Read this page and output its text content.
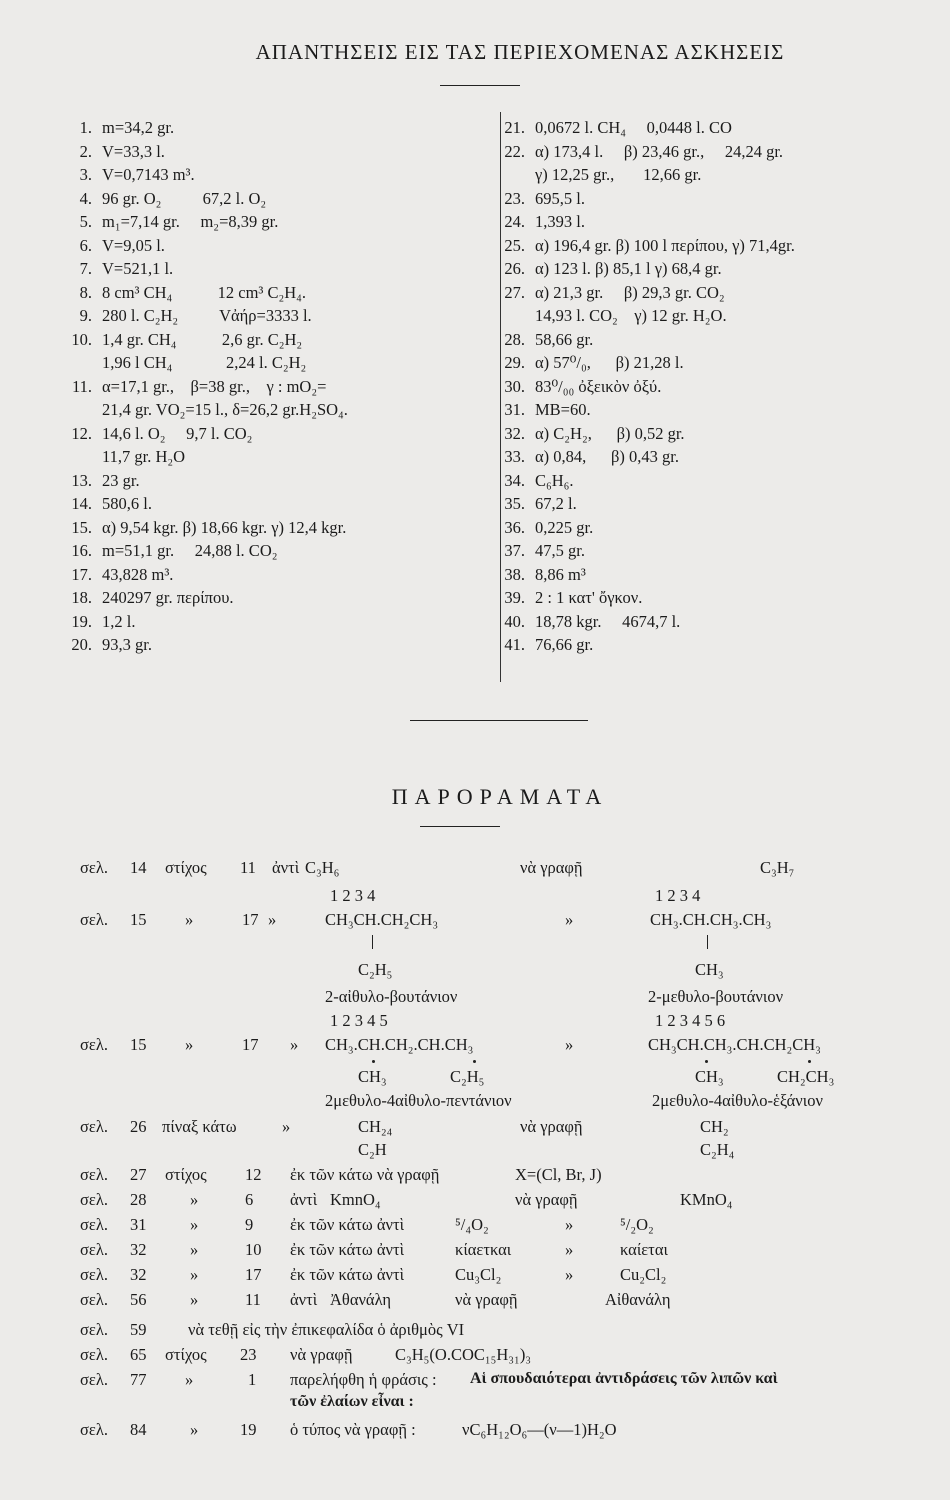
ΑΠΑΝΤΗΣΕΙΣ ΕΙΣ ΤΑΣ ΠΕΡΙΕΧΟΜΕΝΑΣ ΑΣΚΗΣΕΙΣ
1. m=34,2 gr.
2. V=33,3 l.
3. V=0,7143 m³.
4. 96 gr. O₂          67,2 l. O₂
5. m₁=7,14 gr.     m₂=8,39 gr.
6. V=9,05 l.
7. V=521,1 l.
8. 8 cm³ CH₄           12 cm³ C₂H₄.
9. 280 l. C₂H₂          Vἀήρ=3333 l.
10. 1,4 gr. CH₄           2,6 gr. C₂H₂
1,96 l CH₄             2,24 l. C₂H₂
11. α=17,1 gr.,    β=38 gr.,    γ : mO₂=
21,4 gr. VO₂=15 l., δ=26,2 gr.H₂SO₄.
12. 14,6 l. O₂     9,7 l. CO₂
11,7 gr. H₂O
13. 23 gr.
14. 580,6 l.
15. α) 9,54 kgr. β) 18,66 kgr. γ) 12,4 kgr.
16. m=51,1 gr.     24,88 l. CO₂
17. 43,828 m³.
18. 240297 gr. περίπου.
19. 1,2 l.
20. 93,3 gr.
21. 0,0672 l. CH₄     0,0448 l. CO
22. α) 173,4 l.     β) 23,46 gr.,     24,24 gr.
γ) 12,25 gr.,       12,66 gr.
23. 695,5 l.
24. 1,393 l.
25. α) 196,4 gr. β) 100 l περίπου, γ) 71,4gr.
26. α) 123 l. β) 85,1 l γ) 68,4 gr.
27. α) 21,3 gr.     β) 29,3 gr. CO₂
14,93 l. CO₂    γ) 12 gr. H₂O.
28. 58,66 gr.
29. α) 57⁰/₀,      β) 21,28 l.
30. 83⁰/₀₀ ὀξεικὸν ὀξύ.
31. MB=60.
32. α) C₂H₂,      β) 0,52 gr.
33. α) 0,84,      β) 0,43 gr.
34. C₆H₆.
35. 67,2 l.
36. 0,225 gr.
37. 47,5 gr.
38. 8,86 m³
39. 2 : 1 κατ' ὄγκον.
40. 18,78 kgr.     4674,7 l.
41. 76,66 gr.
ΠΑΡΟΡΑΜΑΤΑ
σελ. 14 στίχος 11 ἀντὶ C₃H₆	νὰ γραφῇ	C₃H₇
1 2 3 4	1 2 3 4
σελ. 15 »	17 »	CH₃CH.CH₂CH₃	»	CH₃.CH.CH₃.CH₃
C₂H₅	CH₃
2-αἰθυλο-βουτάνιον	2-μεθυλο-βουτάνιον
1 2 3 4 5	1 2 3 4 5 6
σελ. 15 »	17 » CH₃.CH.CH₂.CH.CH₃	»	CH₃CH.CH₃.CH.CH₂CH₃
CH₃	C₂H₅	CH₃	CH₂CH₃
2μεθυλο-4αἰθυλο-πεντάνιον	2μεθυλο-4αἰθυλο-ἑξάνιον
σελ. 26 πίναξ κάτω	»	CH₂₄	νὰ γραφῇ	CH₂
C₂H	C₂H₄
σελ. 27 στίχος 12 ἐκ τῶν κάτω νὰ γραφῇ	X=(Cl, Br, J)
σελ. 28	»	6 ἀντὶ KmnO₄	νὰ γραφῇ	KMnO₄
σελ. 31	»	9 ἐκ τῶν κάτω ἀντὶ	⁵/₄O₂	»	⁵/₂O₂
σελ. 32	»	10 ἐκ τῶν κάτω ἀντὶ	κίαετκαι	»	καίεται
σελ. 32	»	17 ἐκ τῶν κάτω ἀντὶ	Cu₃Cl₂	»	Cu₂Cl₂
σελ. 56	»	11 ἀντὶ Ἀθανάλη	νὰ γραφῇ	Αἰθανάλη
σελ. 59	νὰ τεθῇ εἰς τὴν ἐπικεφαλίδα ὁ ἀριθμὸς VI
σελ. 65 στίχος 23 νὰ γραφῇ	C₃H₅(O.COC₁₅H₃₁)₃
σελ. 77 »	1 παρελήφθη ἡ φράσις : Αἱ σπουδαιότεραι ἀντιδράσεις τῶν λιπῶν καὶ
τῶν ἐλαίων εἶναι :
σελ. 84	»	19 ὁ τύπος νὰ γραφῇ :	νC₆H₁₂O₆—(ν—1)H₂O
